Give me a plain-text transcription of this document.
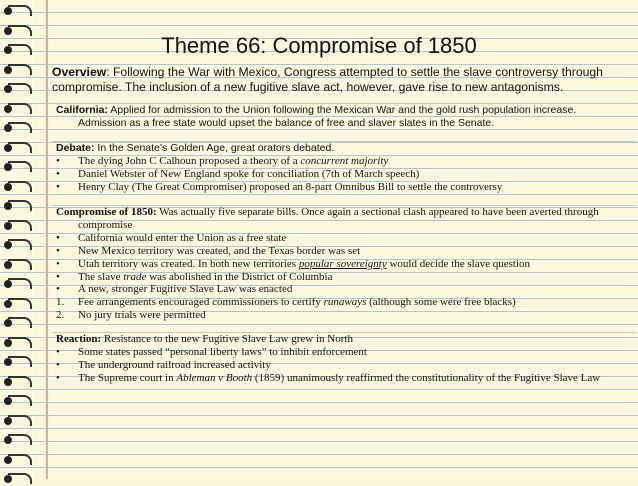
Theme 66: Compromise of 1850
Overview: Following the War with Mexico, Congress attempted to settle the slave controversy through compromise. The inclusion of a new fugitive slave act, however, gave rise to new antagonisms.

California: Applied for admission to the Union following the Mexican War and the gold rush population increase.

Admission as a free state would upset the balance of free and slaver slates in the Senate.

Debate: In the Senate’s Golden Age, great orators debated.

• The dying John C Calhoun proposed a theory of a concurrent majority

• Daniel Webster of New England spoke for conciliation (7th of March speech)

• Henry Clay (The Great Compromiser) proposed an 8-part Omnibus Bill to settle the controversy

Compromise of 1850: Was actually five separate bills. Once again a sectional clash appeared to have been averted through

compromise

• California would enter the Union as a free state

• New Mexico territory was created, and the Texas border was set

• Utah territory was created. In both new territories popular sovereignty would decide the slave question

• The slave trade was abolished in the District of Columbia

• A new, stronger Fugitive Slave Law was enacted

1. Fee arrangements encouraged commissioners to certify runaways (although some were free blacks)

2. No jury trials were permitted

Reaction: Resistance to the new Fugitive Slave Law grew in North

• Some states passed “personal liberty laws” to inhibit enforcement

• The underground railroad increased activity

• The Supreme court in Ableman v Booth (1859) unanimously reaffirmed the constitutionality of the Fugitive Slave Law
